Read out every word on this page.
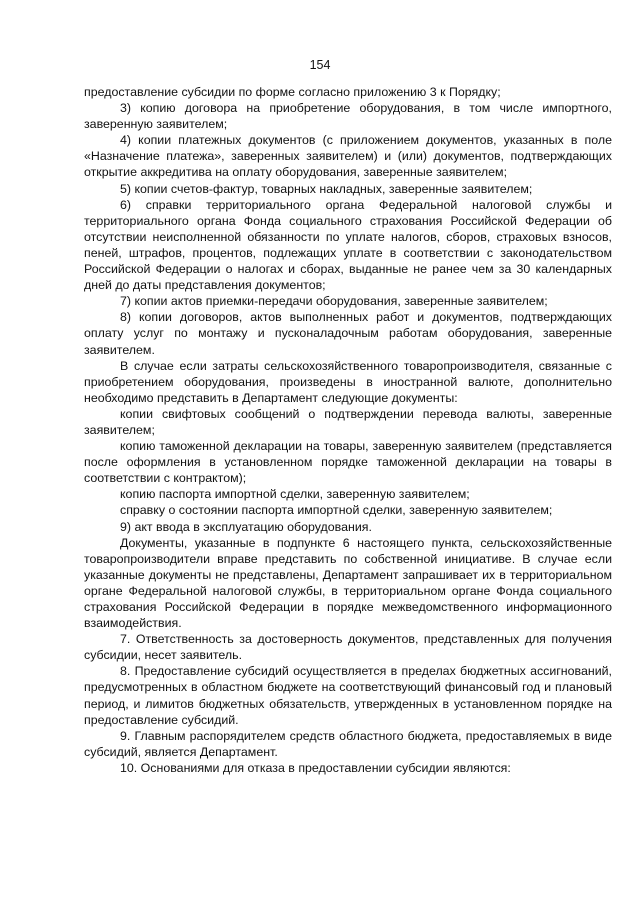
154

предоставление субсидии по форме согласно приложению 3 к Порядку;

3) копию договора на приобретение оборудования, в том числе импортного, заверенную заявителем;

4) копии платежных документов (с приложением документов, указанных в поле «Назначение платежа», заверенных заявителем) и (или) документов, подтверждающих открытие аккредитива на оплату оборудования, заверенные заявителем;

5) копии счетов-фактур, товарных накладных, заверенные заявителем;

6) справки территориального органа Федеральной налоговой службы и территориального органа Фонда социального страхования Российской Федерации об отсутствии неисполненной обязанности по уплате налогов, сборов, страховых взносов, пеней, штрафов, процентов, подлежащих уплате в соответствии с законодательством Российской Федерации о налогах и сборах, выданные не ранее чем за 30 календарных дней до даты представления документов;

7) копии актов приемки-передачи оборудования, заверенные заявителем;

8) копии договоров, актов выполненных работ и документов, подтверждающих оплату услуг по монтажу и пусконаладочным работам оборудования, заверенные заявителем.

В случае если затраты сельскохозяйственного товаропроизводителя, связанные с приобретением оборудования, произведены в иностранной валюте, дополнительно необходимо представить в Департамент следующие документы:

копии свифтовых сообщений о подтверждении перевода валюты, заверенные заявителем;

копию таможенной декларации на товары, заверенную заявителем (представляется после оформления в установленном порядке таможенной декларации на товары в соответствии с контрактом);

копию паспорта импортной сделки, заверенную заявителем;

справку о состоянии паспорта импортной сделки, заверенную заявителем;

9) акт ввода в эксплуатацию оборудования.

Документы, указанные в подпункте 6 настоящего пункта, сельскохозяйственные товаропроизводители вправе представить по собственной инициативе. В случае если указанные документы не представлены, Департамент запрашивает их в территориальном органе Федеральной налоговой службы, в территориальном органе Фонда социального страхования Российской Федерации в порядке межведомственного информационного взаимодействия.

7. Ответственность за достоверность документов, представленных для получения субсидии, несет заявитель.

8. Предоставление субсидий осуществляется в пределах бюджетных ассигнований, предусмотренных в областном бюджете на соответствующий финансовый год и плановый период, и лимитов бюджетных обязательств, утвержденных в установленном порядке на предоставление субсидий.

9. Главным распорядителем средств областного бюджета, предоставляемых в виде субсидий, является Департамент.

10. Основаниями для отказа в предоставлении субсидии являются:
